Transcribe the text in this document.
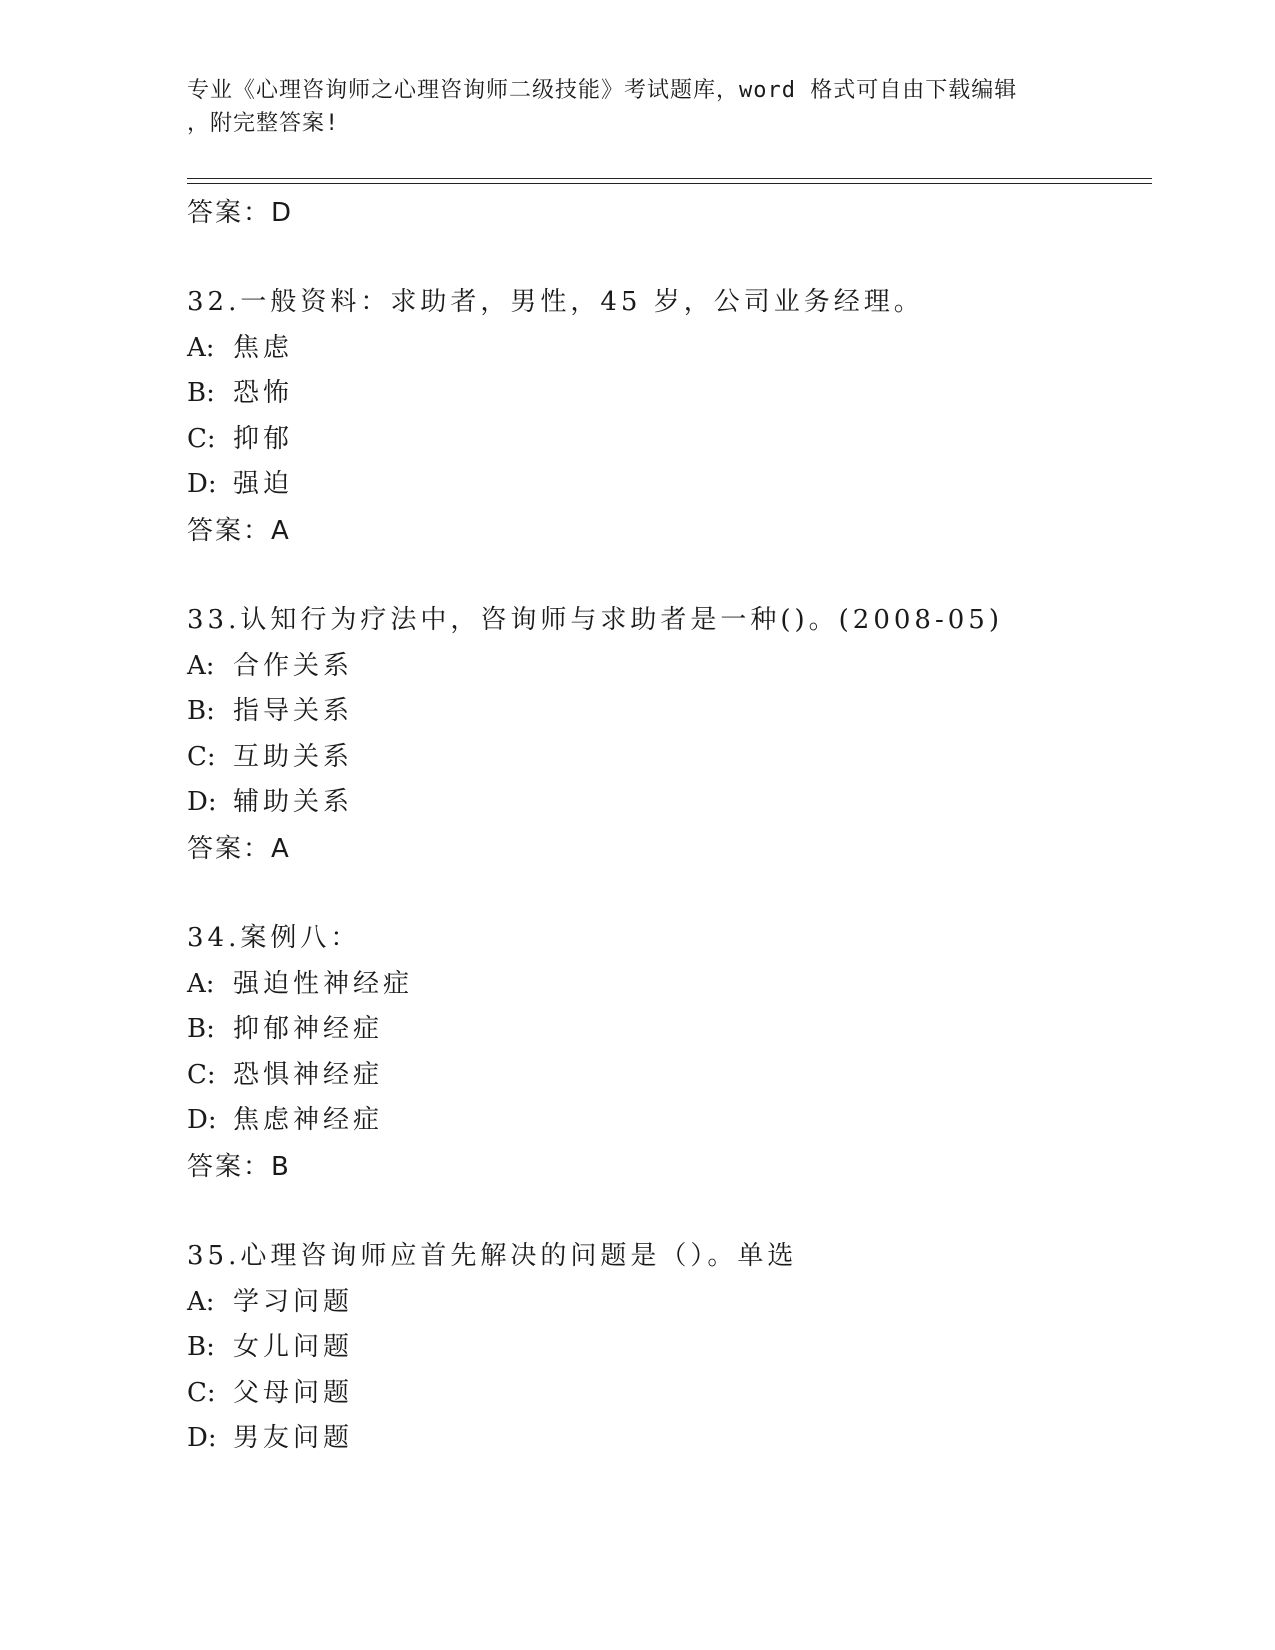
专业《心理咨询师之心理咨询师二级技能》考试题库，word 格式可自由下载编辑
，附完整答案!
答案：D
32.一般资料：求助者，男性，45 岁，公司业务经理。
A: 焦虑
B: 恐怖
C: 抑郁
D: 强迫
答案：A
33.认知行为疗法中，咨询师与求助者是一种()。(2008-05)
A: 合作关系
B: 指导关系
C: 互助关系
D: 辅助关系
答案：A
34.案例八：
A: 强迫性神经症
B: 抑郁神经症
C: 恐惧神经症
D: 焦虑神经症
答案：B
35.心理咨询师应首先解决的问题是（）。单选
A: 学习问题
B: 女儿问题
C: 父母问题
D: 男友问题
